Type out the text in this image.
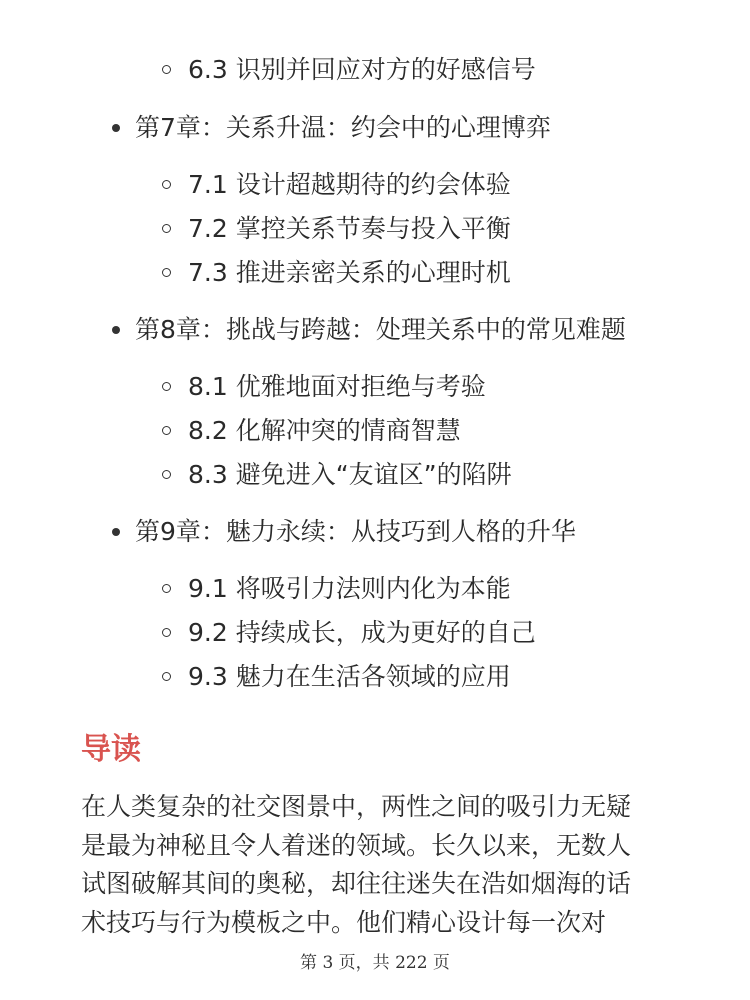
6.3 识别并回应对方的好感信号
第7章：关系升温：约会中的心理博弈
7.1 设计超越期待的约会体验
7.2 掌控关系节奏与投入平衡
7.3 推进亲密关系的心理时机
第8章：挑战与跨越：处理关系中的常见难题
8.1 优雅地面对拒绝与考验
8.2 化解冲突的情商智慧
8.3 避免进入“友谊区”的陷阱
第9章：魅力永续：从技巧到人格的升华
9.1 将吸引力法则内化为本能
9.2 持续成长，成为更好的自己
9.3 魅力在生活各领域的应用
导读
在人类复杂的社交图景中，两性之间的吸引力无疑
是最为神秘且令人着迷的领域。长久以来，无数人
试图破解其间的奥秘，却往往迷失在浩如烟海的话
术技巧与行为模板之中。他们精心设计每一次对
第 3 页，共 222 页
